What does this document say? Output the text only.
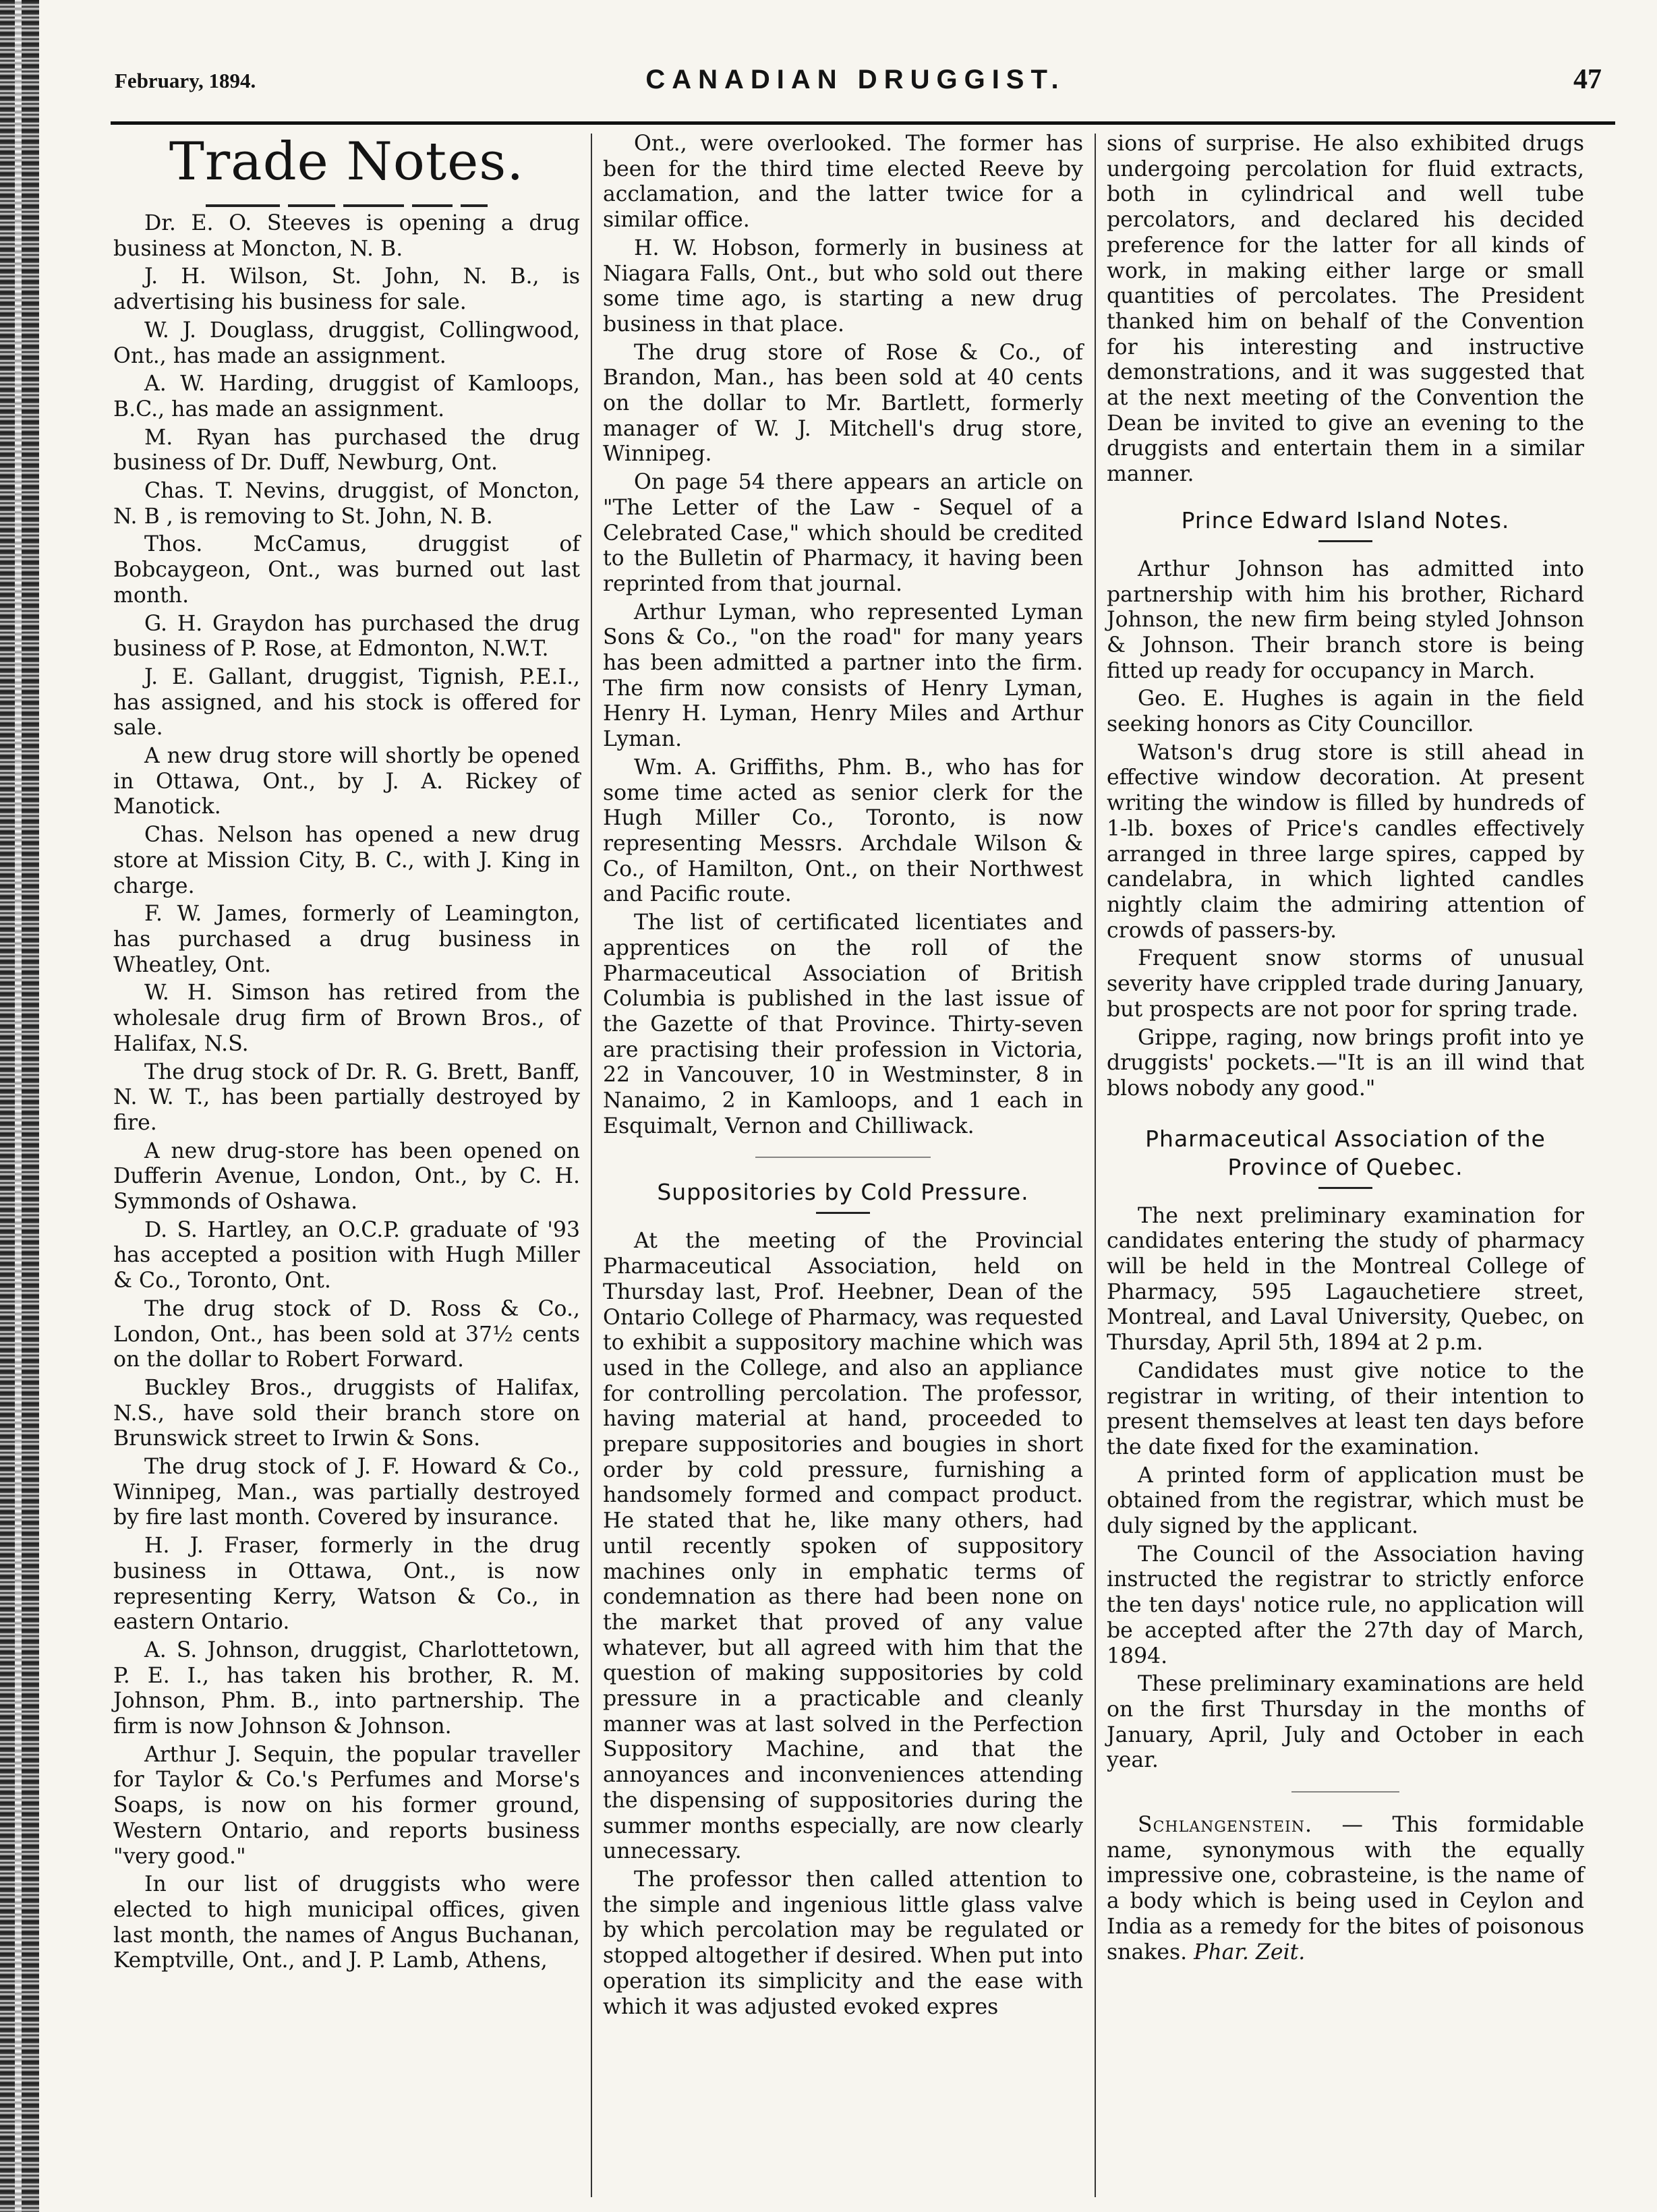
February, 1894.	CANADIAN DRUGGIST.	47
Trade Notes.

Dr. E. O. Steeves is opening a drug business at Moncton, N. B.

J. H. Wilson, St. John, N. B., is advertising his business for sale.

W. J. Douglass, druggist, Collingwood, Ont., has made an assignment.

A. W. Harding, druggist of Kamloops, B.C., has made an assignment.

M. Ryan has purchased the drug business of Dr. Duff, Newburg, Ont.

Chas. T. Nevins, druggist, of Moncton, N. B , is removing to St. John, N. B.

Thos. McCamus, druggist of Bobcaygeon, Ont., was burned out last month.

G. H. Graydon has purchased the drug business of P. Rose, at Edmonton, N.W.T.

J. E. Gallant, druggist, Tignish, P.E.I., has assigned, and his stock is offered for sale.

A new drug store will shortly be opened in Ottawa, Ont., by J. A. Rickey of Manotick.

Chas. Nelson has opened a new drug store at Mission City, B. C., with J. King in charge.

F. W. James, formerly of Leamington, has purchased a drug business in Wheatley, Ont.

W. H. Simson has retired from the wholesale drug firm of Brown Bros., of Halifax, N.S.

The drug stock of Dr. R. G. Brett, Banff, N. W. T., has been partially destroyed by fire.

A new drug-store has been opened on Dufferin Avenue, London, Ont., by C. H. Symmonds of Oshawa.

D. S. Hartley, an O.C.P. graduate of '93 has accepted a position with Hugh Miller & Co., Toronto, Ont.

The drug stock of D. Ross & Co., London, Ont., has been sold at 37½ cents on the dollar to Robert Forward.

Buckley Bros., druggists of Halifax, N.S., have sold their branch store on Brunswick street to Irwin & Sons.

The drug stock of J. F. Howard & Co., Winnipeg, Man., was partially destroyed by fire last month. Covered by insurance.

H. J. Fraser, formerly in the drug business in Ottawa, Ont., is now representing Kerry, Watson & Co., in eastern Ontario.

A. S. Johnson, druggist, Charlottetown, P. E. I., has taken his brother, R. M. Johnson, Phm. B., into partnership. The firm is now Johnson & Johnson.

Arthur J. Sequin, the popular traveller for Taylor & Co.'s Perfumes and Morse's Soaps, is now on his former ground, Western Ontario, and reports business "very good."

In our list of druggists who were elected to high municipal offices, given last month, the names of Angus Buchanan, Kemptville, Ont., and J. P. Lamb, Athens,

Ont., were overlooked. The former has been for the third time elected Reeve by acclamation, and the latter twice for a similar office.

H. W. Hobson, formerly in business at Niagara Falls, Ont., but who sold out there some time ago, is starting a new drug business in that place.

The drug store of Rose & Co., of Brandon, Man., has been sold at 40 cents on the dollar to Mr. Bartlett, formerly manager of W. J. Mitchell's drug store, Winnipeg.

On page 54 there appears an article on "The Letter of the Law - Sequel of a Celebrated Case," which should be credited to the Bulletin of Pharmacy, it having been reprinted from that journal.

Arthur Lyman, who represented Lyman Sons & Co., "on the road" for many years has been admitted a partner into the firm. The firm now consists of Henry Lyman, Henry H. Lyman, Henry Miles and Arthur Lyman.

Wm. A. Griffiths, Phm. B., who has for some time acted as senior clerk for the Hugh Miller Co., Toronto, is now representing Messrs. Archdale Wilson & Co., of Hamilton, Ont., on their Northwest and Pacific route.

The list of certificated licentiates and apprentices on the roll of the Pharmaceutical Association of British Columbia is published in the last issue of the Gazette of that Province. Thirty-seven are practising their profession in Victoria, 22 in Vancouver, 10 in Westminster, 8 in Nanaimo, 2 in Kamloops, and 1 each in Esquimalt, Vernon and Chilliwack.

Suppositories by Cold Pressure.

At the meeting of the Provincial Pharmaceutical Association, held on Thursday last, Prof. Heebner, Dean of the Ontario College of Pharmacy, was requested to exhibit a suppository machine which was used in the College, and also an appliance for controlling percolation. The professor, having material at hand, proceeded to prepare suppositories and bougies in short order by cold pressure, furnishing a handsomely formed and compact product. He stated that he, like many others, had until recently spoken of suppository machines only in emphatic terms of condemnation as there had been none on the market that proved of any value whatever, but all agreed with him that the question of making suppositories by cold pressure in a practicable and cleanly manner was at last solved in the Perfection Suppository Machine, and that the annoyances and inconveniences attending the dispensing of suppositories during the summer months especially, are now clearly unnecessary.

The professor then called attention to the simple and ingenious little glass valve by which percolation may be regulated or stopped altogether if desired. When put into operation its simplicity and the ease with which it was adjusted evoked expres

sions of surprise. He also exhibited drugs undergoing percolation for fluid extracts, both in cylindrical and well tube percolators, and declared his decided preference for the latter for all kinds of work, in making either large or small quantities of percolates. The President thanked him on behalf of the Convention for his interesting and instructive demonstrations, and it was suggested that at the next meeting of the Convention the Dean be invited to give an evening to the druggists and entertain them in a similar manner.

Prince Edward Island Notes.

Arthur Johnson has admitted into partnership with him his brother, Richard Johnson, the new firm being styled Johnson & Johnson. Their branch store is being fitted up ready for occupancy in March.

Geo. E. Hughes is again in the field seeking honors as City Councillor.

Watson's drug store is still ahead in effective window decoration. At present writing the window is filled by hundreds of 1-lb. boxes of Price's candles effectively arranged in three large spires, capped by candelabra, in which lighted candles nightly claim the admiring attention of crowds of passers-by.

Frequent snow storms of unusual severity have crippled trade during January, but prospects are not poor for spring trade.

Grippe, raging, now brings profit into ye druggists' pockets.—"It is an ill wind that blows nobody any good."

Pharmaceutical Association of the Province of Quebec.

The next preliminary examination for candidates entering the study of pharmacy will be held in the Montreal College of Pharmacy, 595 Lagauchetiere street, Montreal, and Laval University, Quebec, on Thursday, April 5th, 1894 at 2 p.m.

Candidates must give notice to the registrar in writing, of their intention to present themselves at least ten days before the date fixed for the examination.

A printed form of application must be obtained from the registrar, which must be duly signed by the applicant.

The Council of the Association having instructed the registrar to strictly enforce the ten days' notice rule, no application will be accepted after the 27th day of March, 1894.

These preliminary examinations are held on the first Thursday in the months of January, April, July and October in each year.

Schlangenstein. — This formidable name, synonymous with the equally impressive one, cobrasteine, is the name of a body which is being used in Ceylon and India as a remedy for the bites of poisonous snakes. Phar. Zeit.
